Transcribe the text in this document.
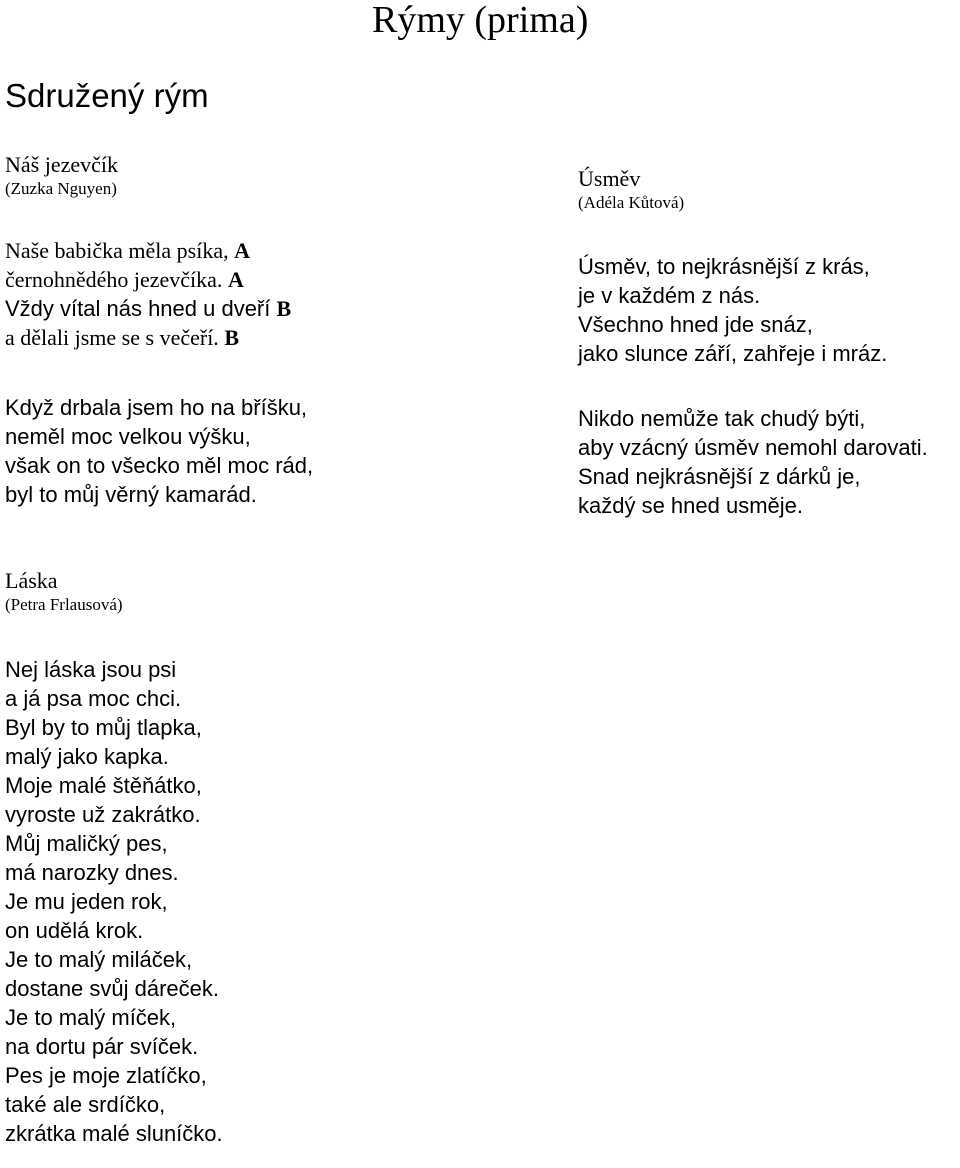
Rýmy (prima)
Sdružený rým
Náš jezevčík
(Zuzka Nguyen)
Naše babička měla psíka, A
černohnědého jezevčíka. A
Vždy vítal nás hned u dveří B
a dělali jsme se s večeří. B
Když drbala jsem ho na bříšku,
neměl moc velkou výšku,
však on to všecko měl moc rád,
byl to můj věrný kamarád.
Úsměv
(Adéla Kůtová)
Úsměv, to nejkrásnější z krás,
je v každém z nás.
Všechno hned jde snáz,
jako slunce září, zahřeje i mráz.
Nikdo nemůže tak chudý býti,
aby vzácný úsměv nemohl darovati.
Snad nejkrásnější z dárků je,
každý se hned usměje.
Láska
(Petra Frlausová)
Nej láska jsou psi
a já psa moc chci.
Byl by to můj tlapka,
malý jako kapka.
Moje malé štěňátko,
vyroste už zakrátko.
Můj maličký pes,
má narozky dnes.
Je mu jeden rok,
on udělá krok.
Je to malý miláček,
dostane svůj dáreček.
Je to malý míček,
na dortu pár svíček.
Pes je moje zlatíčko,
také ale srdíčko,
zkrátka malé sluníčko.
